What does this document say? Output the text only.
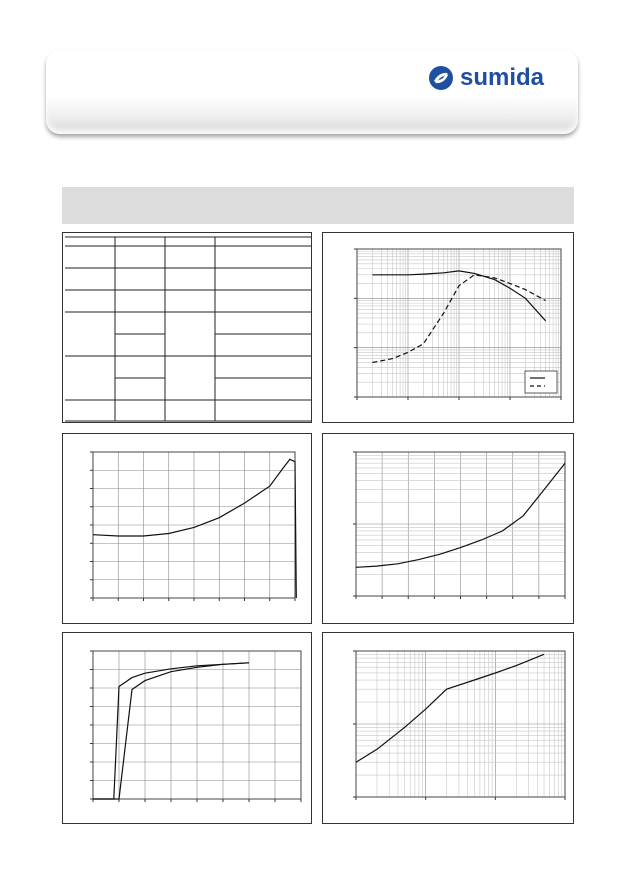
sumida
